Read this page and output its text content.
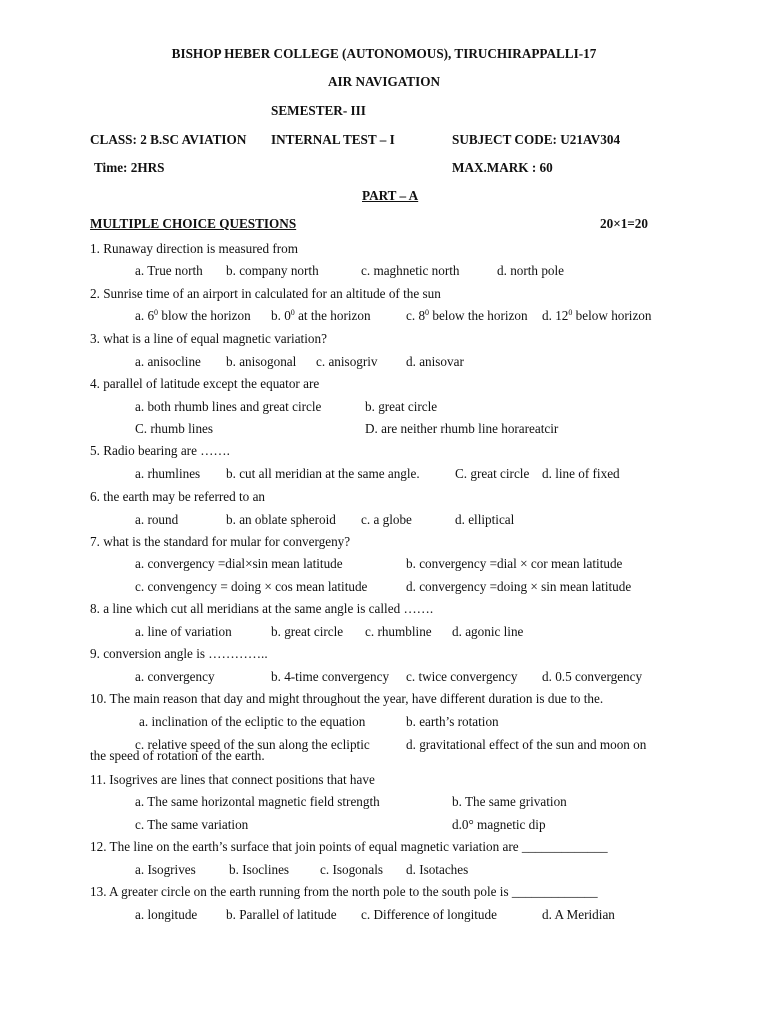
BISHOP HEBER COLLEGE (AUTONOMOUS), TIRUCHIRAPPALLI-17
AIR NAVIGATION
SEMESTER- III
CLASS: 2 B.SC AVIATION INTERNAL TEST – I	SUBJECT CODE: U21AV304
Time: 2HRS	MAX.MARK : 60
PART – A
MULTIPLE CHOICE QUESTIONS	20×1=20
1. Runaway direction is measured from
a. True north b. company north	c. maghnetic north	d. north pole
2. Sunrise time of an airport in calculated for an altitude of the sun
a. $6^0$ blow the horizon b. $0^0$ at the horizon	c. $8^0$ below the horizon d. $12^0$ below horizon
3. what is a line of equal magnetic variation?
a. anisocline b. anisogonal c. anisogriv d. anisovar
4. parallel of latitude except the equator are
a. both rhumb lines and great circle	b. great circle
C. rhumb lines	D. are neither rhumb line horareatcir
5. Radio bearing are …….
a. rhumlines b. cut all meridian at the same angle.	C. great circle d. line of fixed
6. the earth may be referred to an
a. round	b. an oblate spheroid c. a globe	d. elliptical
7. what is the standard for mular for convergeny?
a. convergency =dial×sin mean latitude	b. convergency =dial × cor mean latitude
c. convengency = doing × cos mean latitude	d. convergency =doing × sin mean latitude
8. a line which cut all meridians at the same angle is called …….
a. line of variation	b. great circle c. rhumbline d. agonic line
9. conversion angle is …………..
a. convergency	b. 4-time convergency c. twice convergency d. 0.5 convergency
10. The main reason that day and might throughout the year, have different duration is due to the.
a. inclination of the ecliptic to the equation	b. earth’s rotation
c. relative speed of the sun along the ecliptic	d. gravitational effect of the sun and moon on
the speed of rotation of the earth.
11. Isogrives are lines that connect positions that have
a. The same horizontal magnetic field strength	b. The same grivation
c. The same variation	d.0° magnetic dip
12. The line on the earth’s surface that join points of equal magnetic variation are _____________
a. Isogrives	b. Isoclines c. Isogonals d. Isotaches
13. A greater circle on the earth running from the north pole to the south pole is _____________
a. longitude b. Parallel of latitude c. Difference of longitude	d. A Meridian
